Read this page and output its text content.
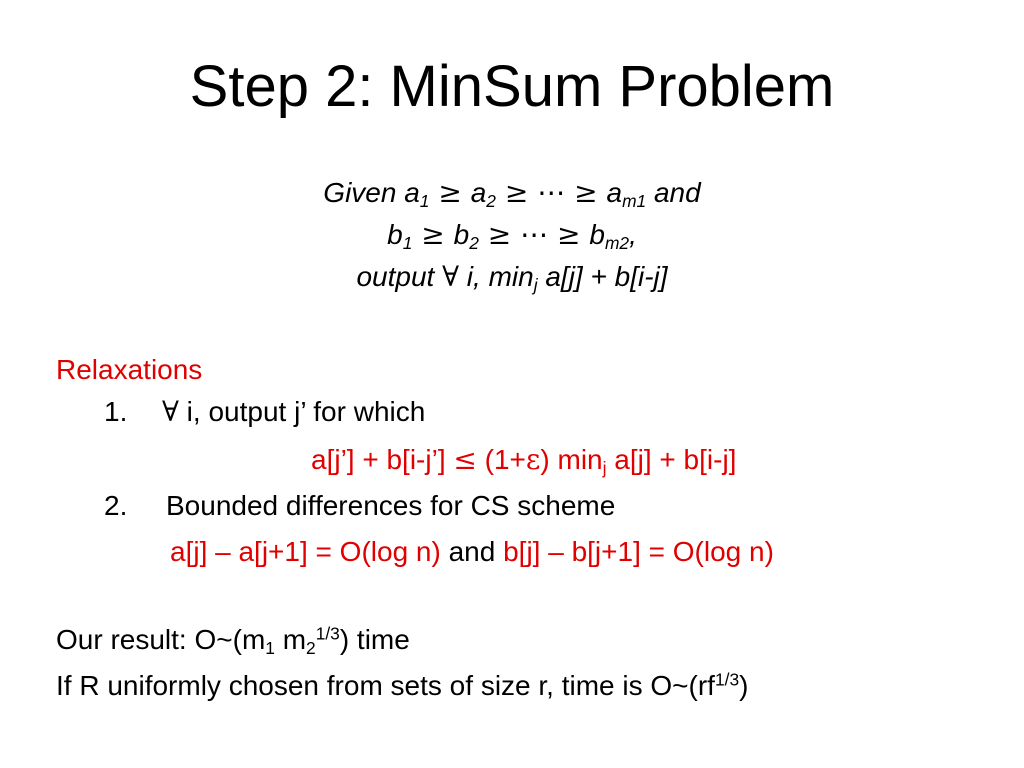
Step 2: MinSum Problem
Given $a_1 \ge a_2$ ≥ ⋯ ≥ $a_{m1}$ and
$b_1 \ge b_2$ ≥ ⋯ ≥ $b_{m2}$,
output ∀ i, $\min_j a[j] + b[i-j]$
Relaxations
1. ∀ i, output j’ for which
a[j’] + b[i-j’] ≤ (1+ε) $\min_j a[j] + b[i-j]$
2. Bounded differences for CS scheme
a[j] – a[j+1] = O(log n) and b[j] – b[j+1] = O(log n)
Our result: $O\sim(m_1$ $m_2^{1/3}$) time
If R uniformly chosen from sets of size r, time is $O\sim(rf^{1/3})$
